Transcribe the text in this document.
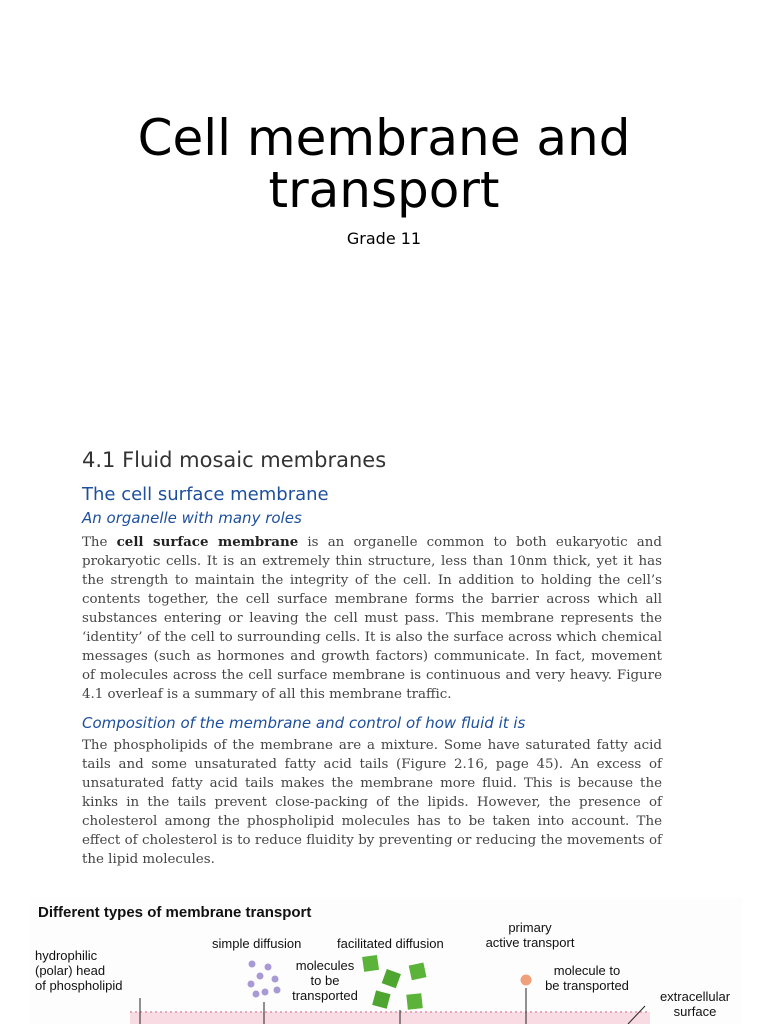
Cell membrane and
transport
Grade 11
4.1 Fluid mosaic membranes
The cell surface membrane
An organelle with many roles

The cell surface membrane is an organelle common to both eukaryotic and prokaryotic cells. It is an extremely thin structure, less than 10nm thick, yet it has the strength to maintain the integrity of the cell. In addition to holding the cell’s contents together, the cell surface membrane forms the barrier across which all substances entering or leaving the cell must pass. This membrane represents the ‘identity’ of the cell to surrounding cells. It is also the surface across which chemical messages (such as hormones and growth factors) communicate. In fact, movement of molecules across the cell surface membrane is continuous and very heavy. Figure 4.1 overleaf is a summary of all this membrane traffic.

Composition of the membrane and control of how fluid it is

The phospholipids of the membrane are a mixture. Some have saturated fatty acid tails and some unsaturated fatty acid tails (Figure 2.16, page 45). An excess of unsaturated fatty acid tails makes the membrane more fluid. This is because the kinks in the tails prevent close-packing of the lipids. However, the presence of cholesterol among the phospholipid molecules has to be taken into account. The effect of cholesterol is to reduce fluidity by preventing or reducing the movements of the lipid molecules.

Different types of membrane transport
hydrophilic
(polar) head
of phospholipid
simple diffusion	facilitated diffusion
molecules
to be
transported
primary
active transport
molecule to
be transported
extracellular
surface
